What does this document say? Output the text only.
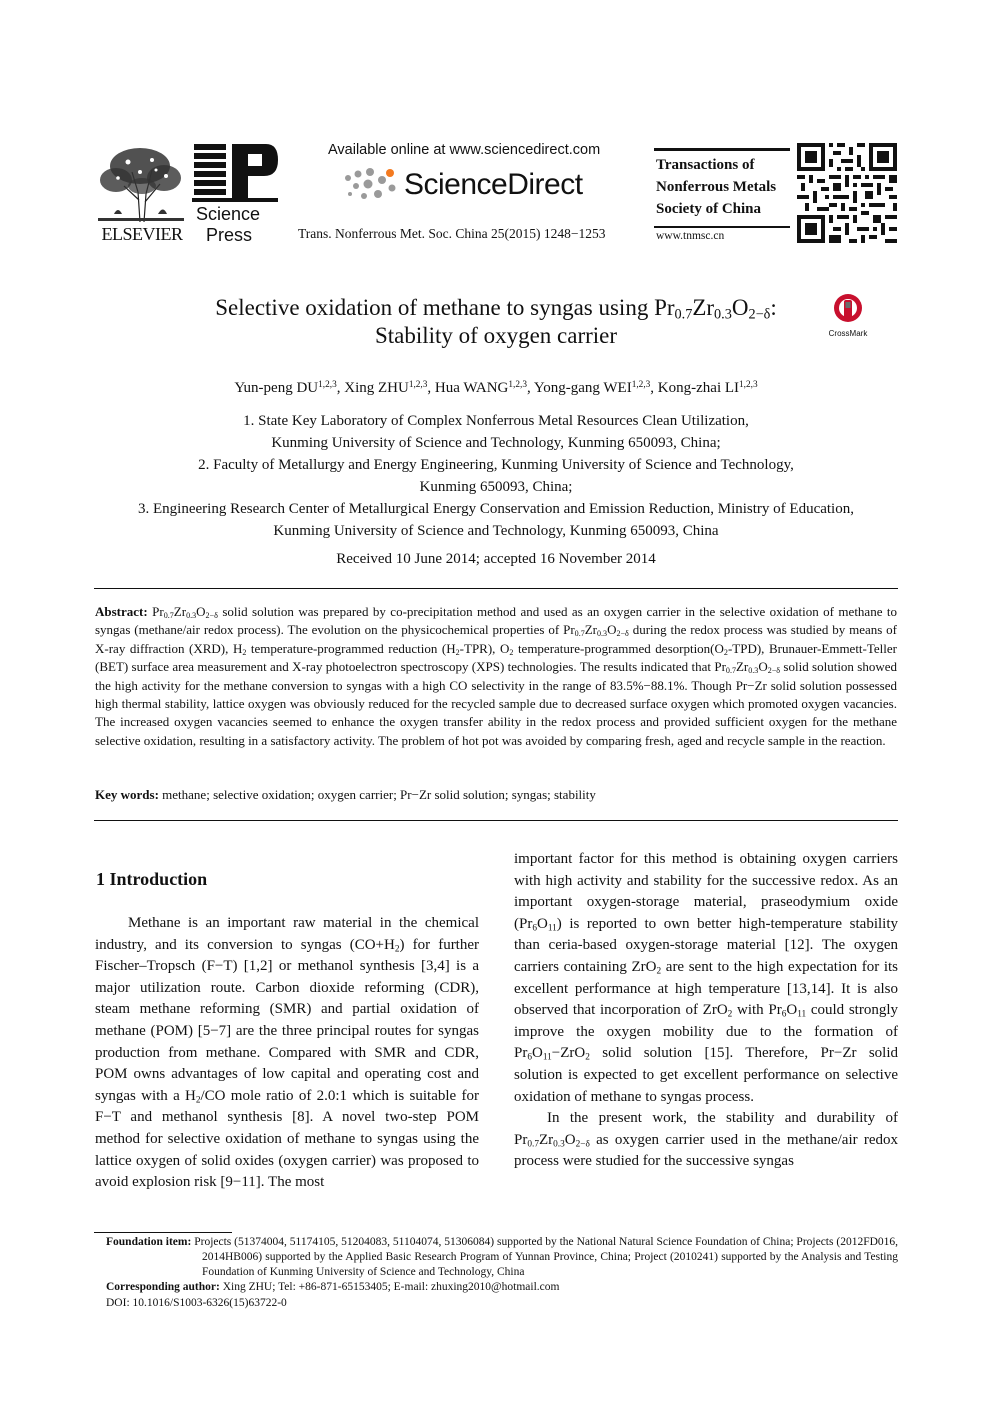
ELSEVIER
Science
Press
Available online at www.sciencedirect.com
ScienceDirect
Trans. Nonferrous Met. Soc. China 25(2015) 1248−1253
Transactions of
Nonferrous Metals
Society of China
www.tnmsc.cn
Selective oxidation of methane to syngas using $Pr_{0.7}Zr_{0.3}O_{2-\delta}$:
Stability of oxygen carrier	CrossMark
Yun-peng DU$^{1,2,3}$, Xing ZHU$^{1,2,3}$, Hua WANG$^{1,2,3}$, Yong-gang WEI$^{1,2,3}$, Kong-zhai LI$^{1,2,3}$
1. State Key Laboratory of Complex Nonferrous Metal Resources Clean Utilization,
Kunming University of Science and Technology, Kunming 650093, China;
2. Faculty of Metallurgy and Energy Engineering, Kunming University of Science and Technology,
Kunming 650093, China;
3. Engineering Research Center of Metallurgical Energy Conservation and Emission Reduction, Ministry of Education,
Kunming University of Science and Technology, Kunming 650093, China
Received 10 June 2014; accepted 16 November 2014
Abstract: $Pr_{0.7}Zr_{0.3}O_{2-\delta}$ solid solution was prepared by co-precipitation method and used as an oxygen carrier in the selective oxidation of methane to syngas (methane/air redox process). The evolution on the physicochemical properties of $Pr_{0.7}Zr_{0.3}O_{2-\delta}$ during the redox process was studied by means of X-ray diffraction (XRD), $H_2$ temperature-programmed reduction $(H_2-TPR)$, $O_2$ temperature-programmed $desorption(O_2-TPD)$, Brunauer-Emmett-Teller (BET) surface area measurement and X-ray photoelectron spectroscopy (XPS) technologies. The results indicated that $Pr_{0.7}Zr_{0.3}O_{2-\delta}$ solid solution showed the high activity for the methane conversion to syngas with a high CO selectivity in the range of 83.5%−88.1%. Though Pr−Zr solid solution possessed high thermal stability, lattice oxygen was obviously reduced for the recycled sample due to decreased surface oxygen which promoted oxygen vacancies. The increased oxygen vacancies seemed to enhance the oxygen transfer ability in the redox process and provided sufficient oxygen for the methane selective oxidation, resulting in a satisfactory activity. The problem of hot pot was avoided by comparing fresh, aged and recycle sample in the reaction.
Key words: methane; selective oxidation; oxygen carrier; Pr−Zr solid solution; syngas; stability
1 Introduction

Methane is an important raw material in the chemical industry, and its conversion to syngas $(CO+H_2)$ for further Fischer–Tropsch (F−T) [1,2] or methanol synthesis [3,4] is a major utilization route. Carbon dioxide reforming (CDR), steam methane reforming (SMR) and partial oxidation of methane (POM) [5−7] are the three principal routes for syngas production from methane. Compared with SMR and CDR, POM owns advantages of low capital and operating cost and syngas with a $H_2/CO$ mole ratio of 2.0:1 which is suitable for F−T and methanol synthesis [8]. A novel two-step POM method for selective oxidation of methane to syngas using the lattice oxygen of solid oxides (oxygen carrier) was proposed to avoid explosion risk [9−11]. The most

important factor for this method is obtaining oxygen carriers with high activity and stability for the successive redox. As an important oxygen-storage material, praseodymium oxide $(Pr_6O_{11})$ is reported to own better high-temperature stability than ceria-based oxygen-storage material [12]. The oxygen carriers containing ZrO$_2$ are sent to the high expectation for its excellent performance at high temperature [13,14]. It is also observed that incorporation of ZrO$_2$ with $Pr_6O_{11}$ could strongly improve the oxygen mobility due to the formation of $Pr_6O_{11}-ZrO_2$ solid solution [15]. Therefore, Pr−Zr solid solution is expected to get excellent performance on selective oxidation of methane to syngas process.

In the present work, the stability and durability of $Pr_{0.7}Zr_{0.3}O_{2-\delta}$ as oxygen carrier used in the methane/air redox process were studied for the successive syngas

Foundation item: Projects (51374004, 51174105, 51204083, 51104074, 51306084) supported by the National Natural Science Foundation of China; Projects (2012FD016, 2014HB006) supported by the Applied Basic Research Program of Yunnan Province, China; Project (2010241) supported by the Analysis and Testing Foundation of Kunming University of Science and Technology, China
Corresponding author: Xing ZHU; Tel: +86-871-65153405; E-mail: zhuxing2010@hotmail.com
DOI: 10.1016/S1003-6326(15)63722-0
